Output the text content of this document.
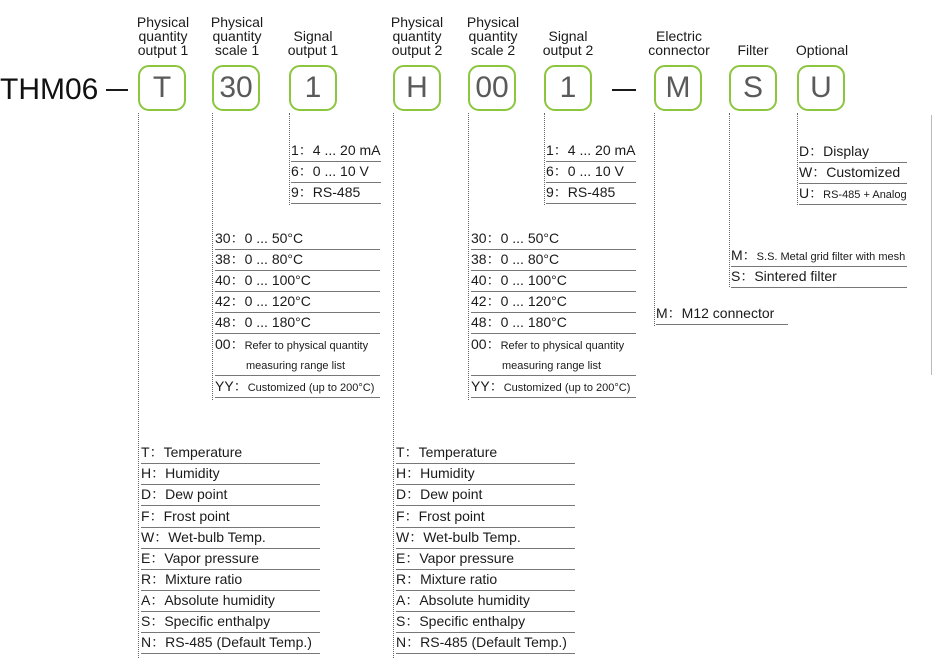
Physical
quantity
output 1
Physical
quantity
scale 1
Signal
output 1
Physical
quantity
output 2
Physical
quantity
scale 2
Signal
output 2
Electric
connector	Filter	Optional
THM06	T	30	1	H	00	1	M	S	U
1：4 ... 20 mA
6：0 ... 10 V
9：RS-485
1：4 ... 20 mA
6：0 ... 10 V
9：RS-485
30：0 ... 50°C
38：0 ... 80°C
40：0 ... 100°C
42：0 ... 120°C
48：0 ... 180°C
00：Refer to physical quantity
measuring range list
YY：Customized (up to 200°C)
30：0 ... 50°C
38：0 ... 80°C
40：0 ... 100°C
42：0 ... 120°C
48：0 ... 180°C
00：Refer to physical quantity
measuring range list
YY：Customized (up to 200°C)
T：Temperature
H：Humidity
D：Dew point
F：Frost point
W：Wet-bulb Temp.
E：Vapor pressure
R：Mixture ratio
A：Absolute humidity
S：Specific enthalpy
N：RS-485 (Default Temp.)
T：Temperature
H：Humidity
D：Dew point
F：Frost point
W：Wet-bulb Temp.
E：Vapor pressure
R：Mixture ratio
A：Absolute humidity
S：Specific enthalpy
N：RS-485 (Default Temp.)
M：M12 connector
M：S.S. Metal grid filter with mesh
S：Sintered filter
D：Display
W：Customized
U：RS-485 + Analog
